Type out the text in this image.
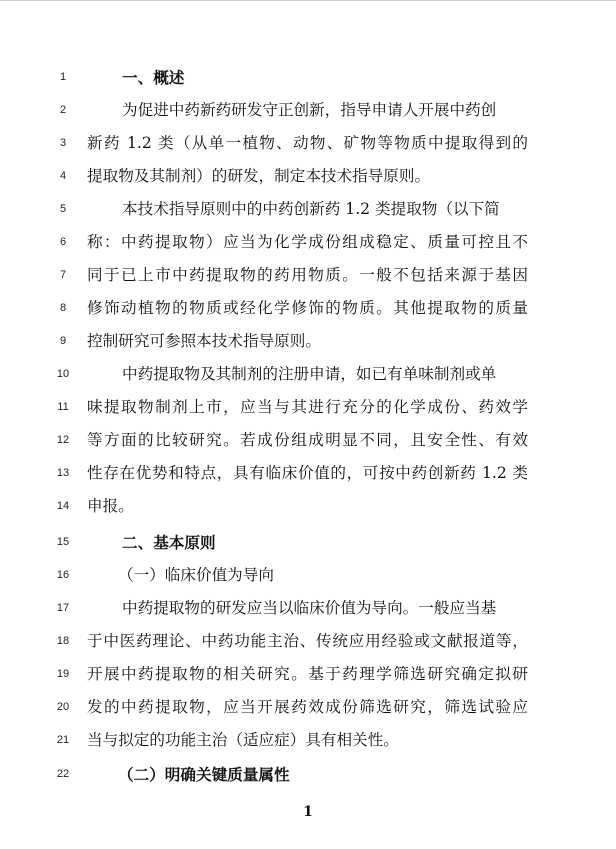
1	一、概述
2	为促进中药新药研发守正创新，指导申请人开展中药创
3	新药 1.2 类（从单一植物、动物、矿物等物质中提取得到的
4	提取物及其制剂）的研发，制定本技术指导原则。
5	本技术指导原则中的中药创新药 1.2 类提取物（以下简
6	称：中药提取物）应当为化学成份组成稳定、质量可控且不
7	同于已上市中药提取物的药用物质。一般不包括来源于基因
8	修饰动植物的物质或经化学修饰的物质。其他提取物的质量
9	控制研究可参照本技术指导原则。
10	中药提取物及其制剂的注册申请，如已有单味制剂或单
11	味提取物制剂上市，应当与其进行充分的化学成份、药效学
12	等方面的比较研究。若成份组成明显不同，且安全性、有效
13	性存在优势和特点，具有临床价值的，可按中药创新药 1.2 类
14	申报。
15	二、基本原则
16	（一）临床价值为导向
17	中药提取物的研发应当以临床价值为导向。一般应当基
18	于中医药理论、中药功能主治、传统应用经验或文献报道等，
19	开展中药提取物的相关研究。基于药理学筛选研究确定拟研
20	发的中药提取物，应当开展药效成份筛选研究，筛选试验应
21	当与拟定的功能主治（适应症）具有相关性。
22	（二）明确关键质量属性
1
